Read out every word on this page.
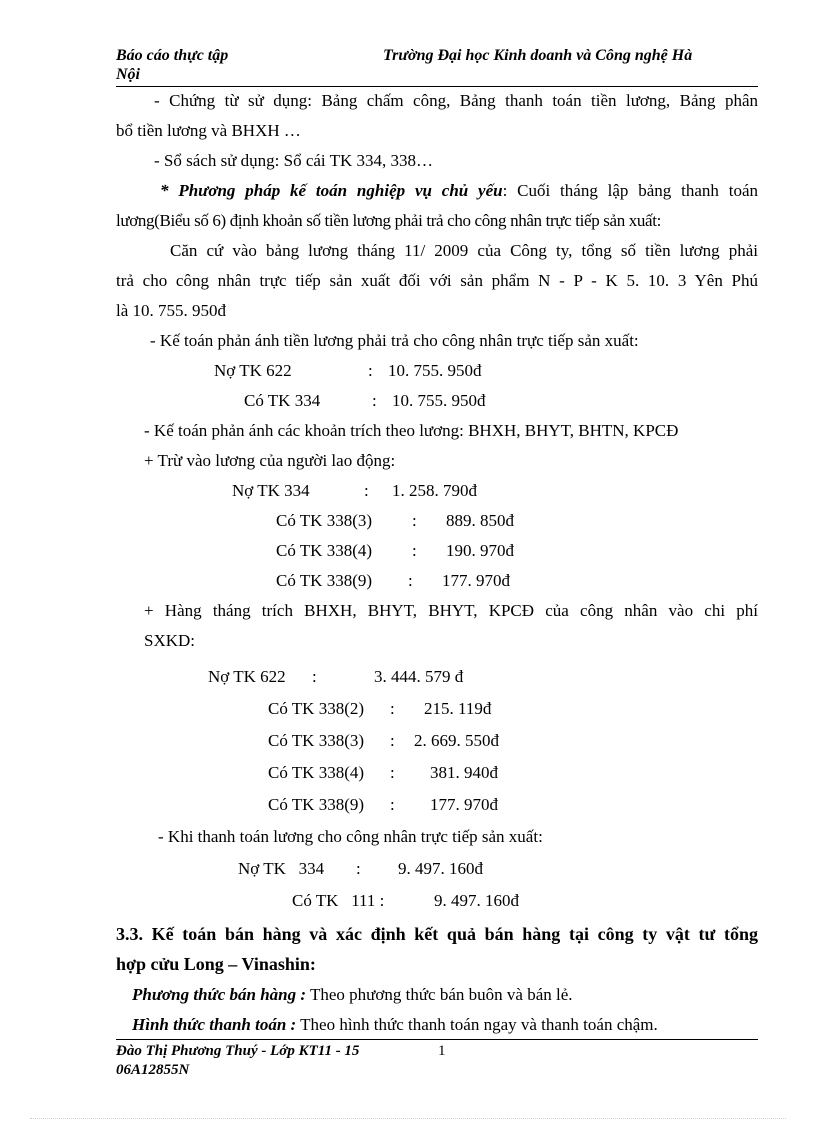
Báo cáo thực tập
Nội
Trường Đại học Kinh doanh và Công nghệ Hà
- Chứng từ sử dụng: Bảng chấm công, Bảng thanh toán tiền lương, Bảng phân
bổ tiền lương và BHXH …
- Sổ sách sử dụng: Sổ cái TK 334, 338…
* Phương pháp kế toán nghiệp vụ chủ yếu: Cuối tháng lập bảng thanh toán
lương(Biểu số 6) định khoản số tiền lương phải trả cho công nhân trực tiếp sản xuất:
Căn cứ vào bảng lương tháng 11/ 2009 của Công ty, tổng số tiền lương phải
trả cho công nhân trực tiếp sản xuất đối với sản phẩm N - P - K 5. 10. 3 Yên Phú
là 10. 755. 950đ
- Kế toán phản ánh tiền lương phải trả cho công nhân trực tiếp sản xuất:
Nợ TK 622	: 10. 755. 950đ
Có TK 334	: 10. 755. 950đ
- Kế toán phản ánh các khoản trích theo lương: BHXH, BHYT, BHTN, KPCĐ
+ Trừ vào lương của người lao động:
Nợ TK 334	: 1. 258. 790đ
Có TK 338(3) : 889. 850đ
Có TK 338(4) : 190. 970đ
Có TK 338(9) : 177. 970đ
+ Hàng tháng trích BHXH, BHYT, BHYT, KPCĐ của công nhân vào chi phí
SXKD:
Nợ TK 622 :	3. 444. 579 đ
Có TK 338(2) : 215. 119đ
Có TK 338(3) : 2. 669. 550đ
Có TK 338(4) : 381. 940đ
Có TK 338(9) : 177. 970đ
- Khi thanh toán lương cho công nhân trực tiếp sản xuất:
Nợ TK   334 : 9. 497. 160đ
Có TK   111 :	9. 497. 160đ
3.3. Kế toán bán hàng và xác định kết quả bán hàng tại công ty vật tư tổng
hợp cửu Long – Vinashin:
Phương thức bán hàng : Theo phương thức bán buôn và bán lẻ.
Hình thức thanh toán : Theo hình thức thanh toán ngay và thanh toán chậm.
Đào Thị Phương Thuý - Lớp KT11 - 15	1
06A12855N
